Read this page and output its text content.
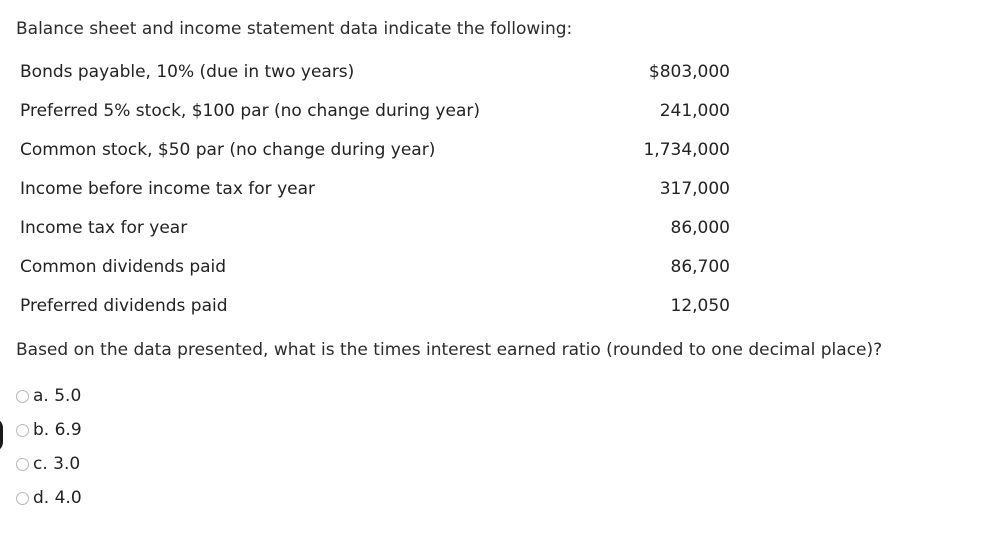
Balance sheet and income statement data indicate the following:
Bonds payable, 10% (due in two years)	$803,000
Preferred 5% stock, $100 par (no change during year)	241,000
Common stock, $50 par (no change during year)	1,734,000
Income before income tax for year	317,000
Income tax for year	86,000
Common dividends paid	86,700
Preferred dividends paid	12,050
Based on the data presented, what is the times interest earned ratio (rounded to one decimal place)?
a. 5.0
b. 6.9
c. 3.0
d. 4.0
